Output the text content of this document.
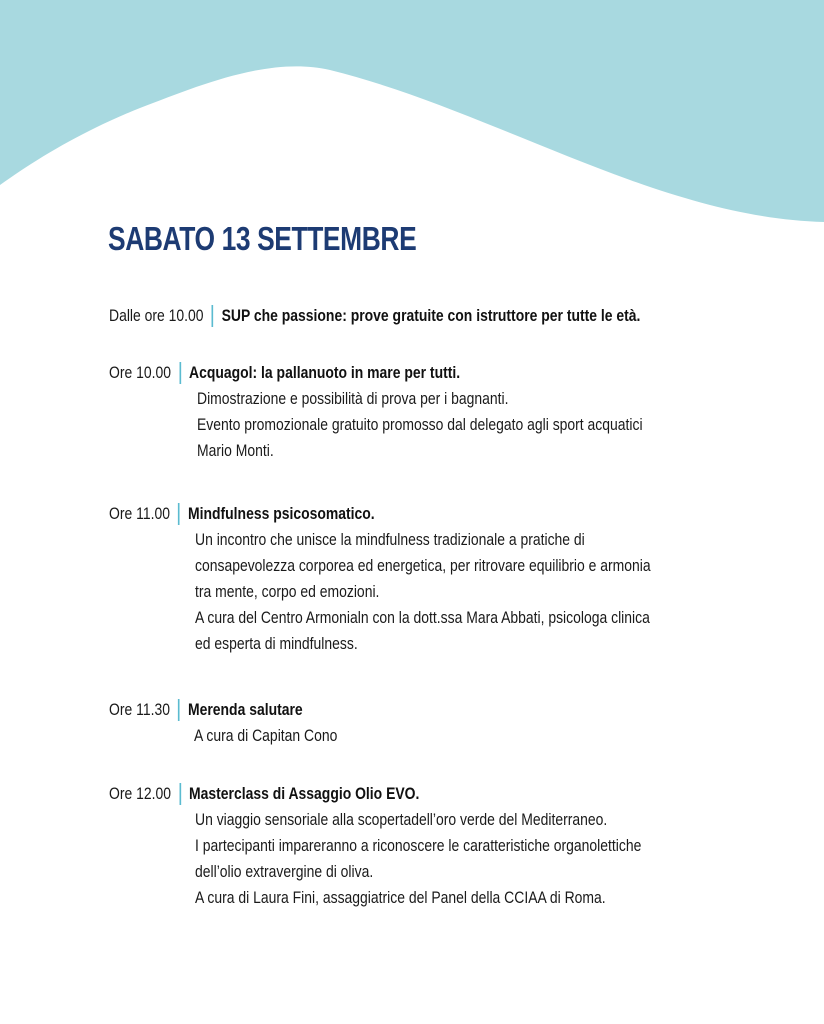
SABATO 13 SETTEMBRE
Dalle ore 10.00 SUP che passione: prove gratuite con istruttore per tutte le età.
Ore 10.00 Acquagol: la pallanuoto in mare per tutti.
Dimostrazione e possibilità di prova per i bagnanti.
Evento promozionale gratuito promosso dal delegato agli sport acquatici
Mario Monti.
Ore 11.00 Mindfulness psicosomatico.
Un incontro che unisce la mindfulness tradizionale a pratiche di
consapevolezza corporea ed energetica, per ritrovare equilibrio e armonia
tra mente, corpo ed emozioni.
A cura del Centro Armonialn con la dott.ssa Mara Abbati, psicologa clinica
ed esperta di mindfulness.
Ore 11.30 Merenda salutare
A cura di Capitan Cono
Ore 12.00 Masterclass di Assaggio Olio EVO.
Un viaggio sensoriale alla scopertadell’oro verde del Mediterraneo.
I partecipanti impareranno a riconoscere le caratteristiche organolettiche
dell’olio extravergine di oliva.
A cura di Laura Fini, assaggiatrice del Panel della CCIAA di Roma.
